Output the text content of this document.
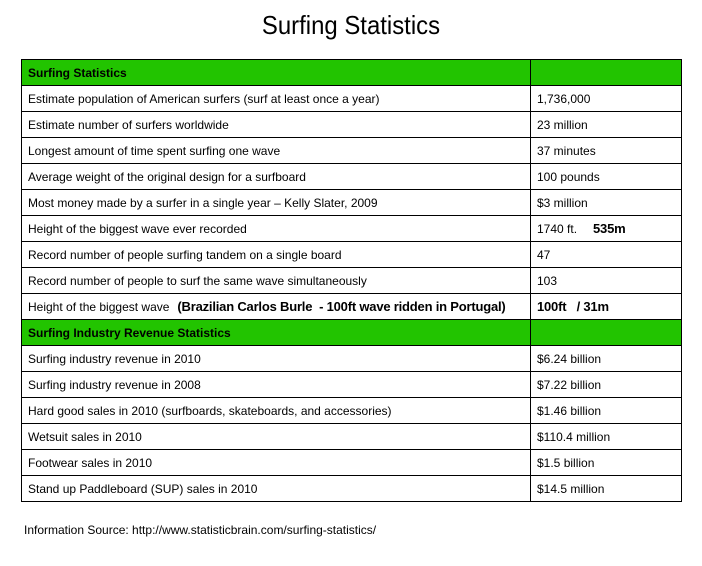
Surfing Statistics
Surfing Statistics	
Estimate population of American surfers (surf at least once a year)	1,736,000
Estimate number of surfers worldwide	23 million
Longest amount of time spent surfing one wave	37 minutes
Average weight of the original design for a surfboard	100 pounds
Most money made by a surfer in a single year – Kelly Slater, 2009	$3 million
Height of the biggest wave ever recorded	1740 ft. 535m
Record number of people surfing tandem on a single board	47
Record number of people to surf the same wave simultaneously	103
Height of the biggest wave (Brazilian Carlos Burle  - 100ft wave ridden in Portugal)	100ft   / 31m
Surfing Industry Revenue Statistics	
Surfing industry revenue in 2010	$6.24 billion
Surfing industry revenue in 2008	$7.22 billion
Hard good sales in 2010 (surfboards, skateboards, and accessories)	$1.46 billion
Wetsuit sales in 2010	$110.4 million
Footwear sales in 2010	$1.5 billion
Stand up Paddleboard (SUP) sales in 2010	$14.5 million
Information Source: http://www.statisticbrain.com/surfing-statistics/
